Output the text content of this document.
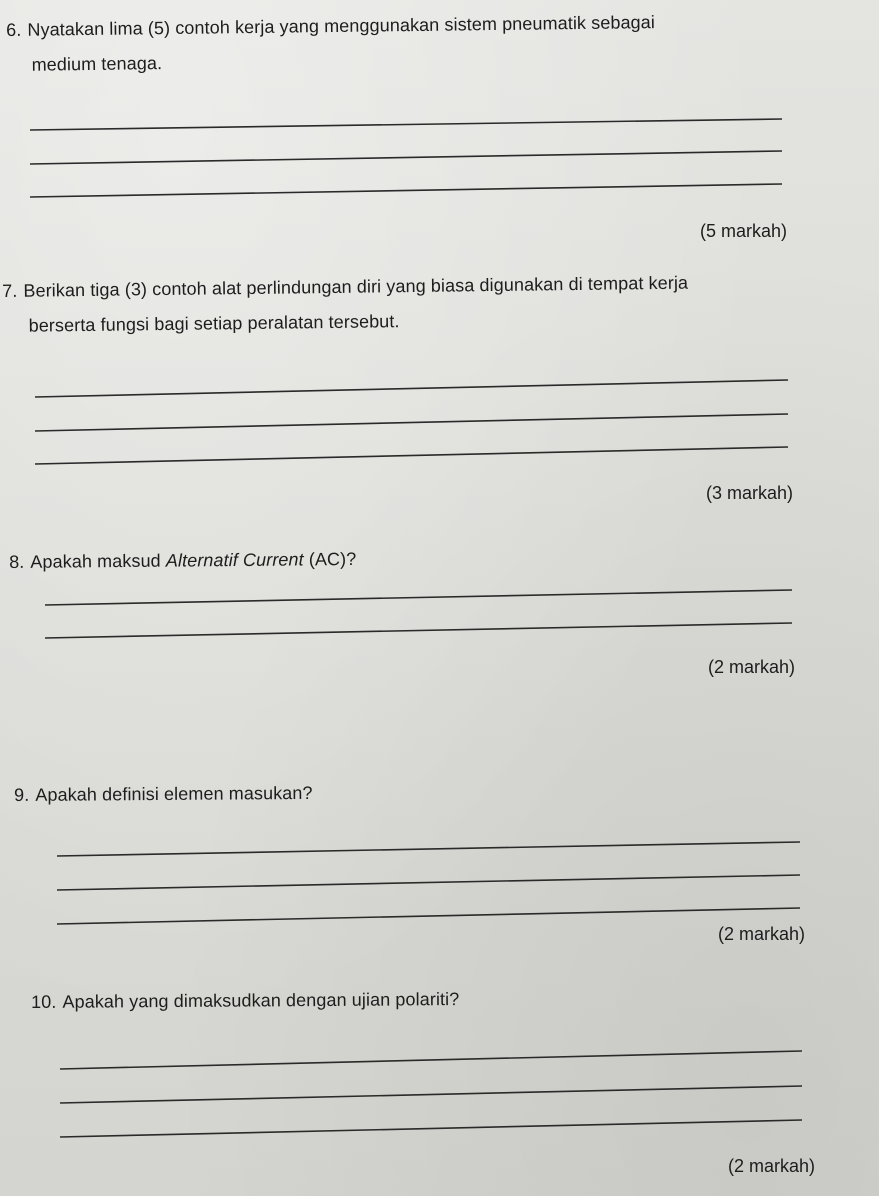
6. Nyatakan lima (5) contoh kerja yang menggunakan sistem pneumatik sebagai
medium tenaga.
(5 markah)
7. Berikan tiga (3) contoh alat perlindungan diri yang biasa digunakan di tempat kerja
berserta fungsi bagi setiap peralatan tersebut.
(3 markah)
8. Apakah maksud Alternatif Current (AC)?
(2 markah)
9. Apakah definisi elemen masukan?
(2 markah)
10. Apakah yang dimaksudkan dengan ujian polariti?
(2 markah)
